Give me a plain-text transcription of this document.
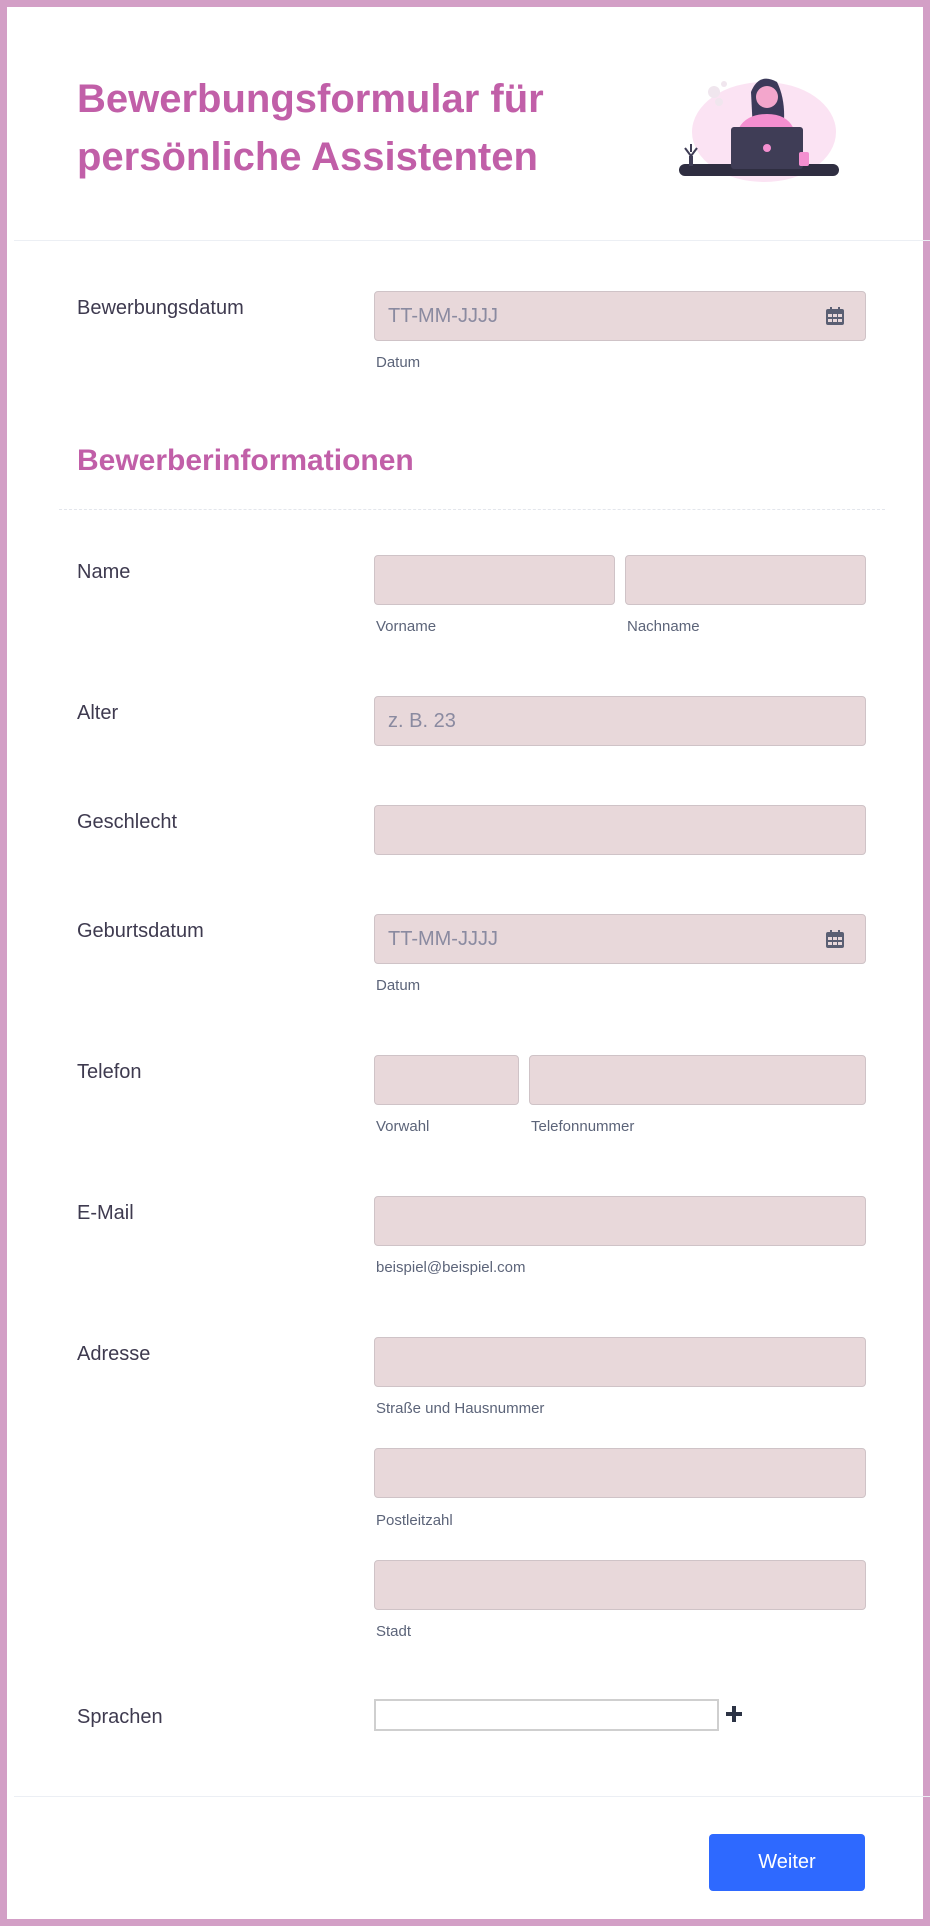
Bewerbungsformular für
persönliche Assistenten
Bewerbungsdatum
TT-MM-JJJJ
Datum
Bewerberinformationen
Name
Vorname	Nachname
Alter
z. B. 23
Geschlecht
Geburtsdatum
TT-MM-JJJJ
Datum
Telefon
Vorwahl	Telefonnummer
E-Mail
beispiel@beispiel.com
Adresse
Straße und Hausnummer
Postleitzahl
Stadt
Sprachen
Weiter
